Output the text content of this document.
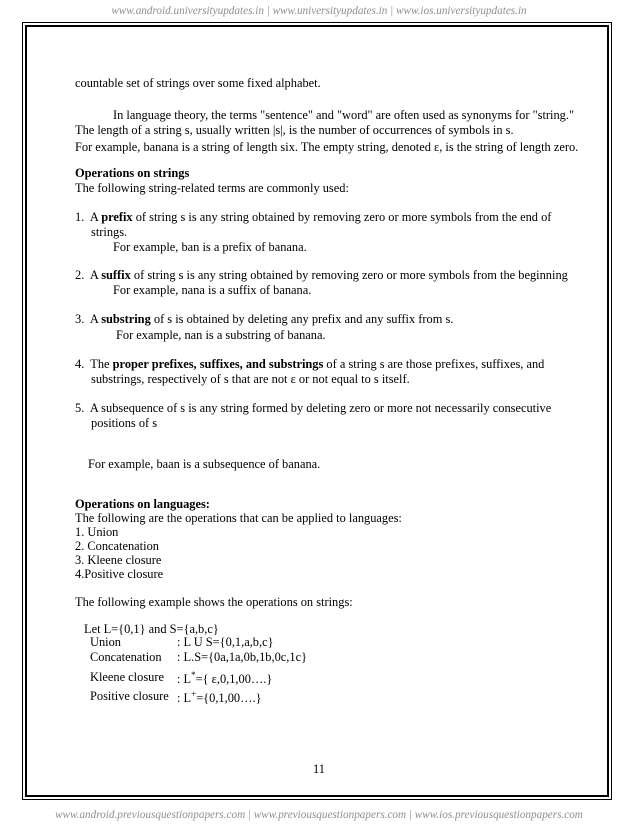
www.android.universityupdates.in | www.universityupdates.in | www.ios.universityupdates.in
countable set of strings over some fixed alphabet.
In language theory, the terms "sentence" and "word" are often used as synonyms for "string."
The length of a string s, usually written |s|, is the number of occurrences of symbols in s.
For example, banana is a string of length six. The empty string, denoted ε, is the string of length zero.
Operations on strings
The following string-related terms are commonly used:
1. A prefix of string s is any string obtained by removing zero or more symbols from the end of
strings.
For example, ban is a prefix of banana.
2. A suffix of string s is any string obtained by removing zero or more symbols from the beginning
For example, nana is a suffix of banana.
3. A substring of s is obtained by deleting any prefix and any suffix from s.
For example, nan is a substring of banana.
4. The proper prefixes, suffixes, and substrings of a string s are those prefixes, suffixes, and
substrings, respectively of s that are not ε or not equal to s itself.
5. A subsequence of s is any string formed by deleting zero or more not necessarily consecutive
positions of s
For example, baan is a subsequence of banana.
Operations on languages:
The following are the operations that can be applied to languages:
1. Union
2. Concatenation
3. Kleene closure
4.Positive closure
The following example shows the operations on strings:
Let L={0,1} and S={a,b,c}
Union	: L U S={0,1,a,b,c}
Concatenation : L.S={0a,1a,0b,1b,0c,1c}
Kleene closure : L*={ ε,0,1,00….}
Positive closure : L+={0,1,00….}
11
www.android.previousquestionpapers.com | www.previousquestionpapers.com | www.ios.previousquestionpapers.com
